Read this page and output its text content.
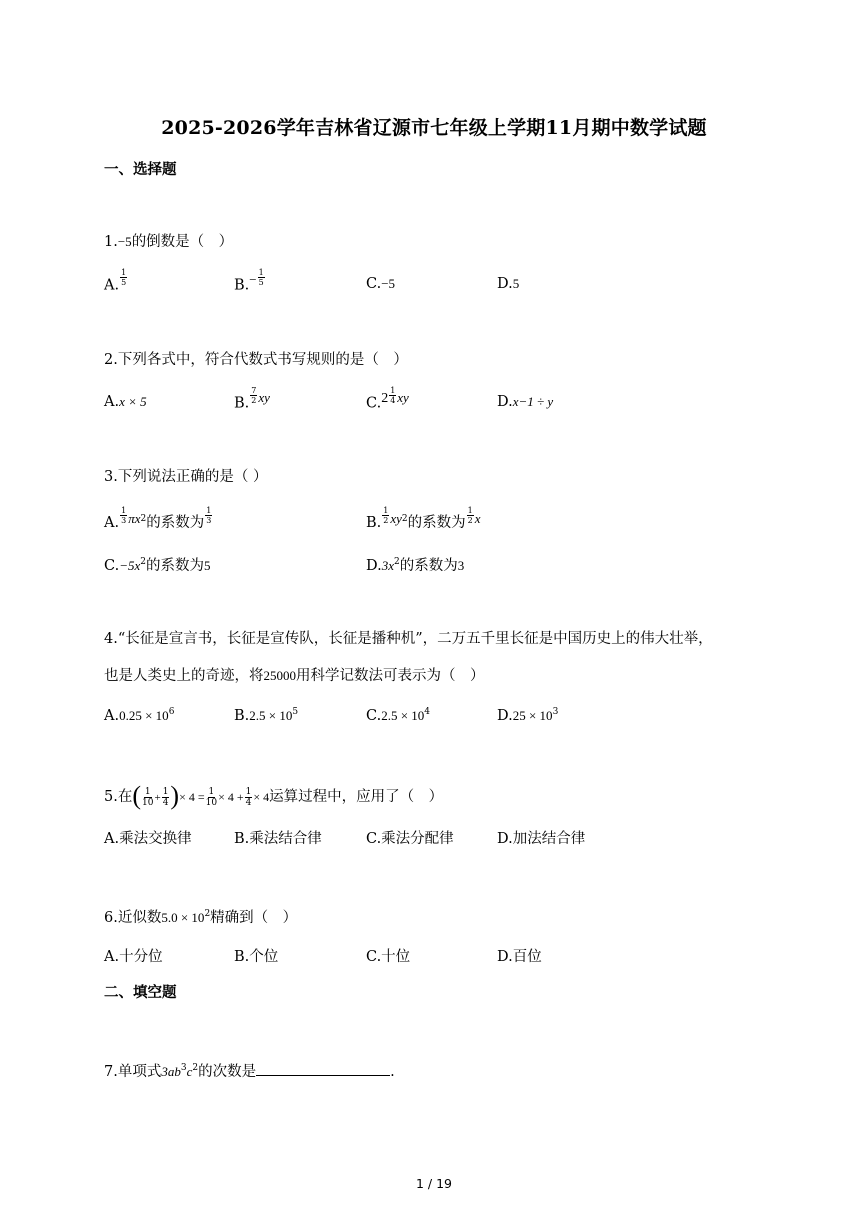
2025-2026学年吉林省辽源市七年级上学期11月期中数学试题
一、选择题
1.−5的倒数是（　）
A. $\frac{1}{5}$	$B.- \frac{1}{5}$	C.−5	D.5
2.下列各式中，符合代数式书写规则的是（　）
A.x × 5	B. $\frac{7}{2}$ xy	$C.2 \frac{1}{4}$ xy	D.x−1 ÷ y
3.下列说法正确的是（ ）
A. $\frac{1}{3} \pi x^2$的系数为 $\frac{1}{3}$	B. $\frac{1}{2} xy^2$的系数为 $\frac{1}{2}$ x
$C.-5x^2$的系数为5	$D.3x^2$的系数为3
4.“长征是宣言书，长征是宣传队，长征是播种机”，二万五千里长征是中国历史上的伟大壮举，
也是人类史上的奇迹，将25000用科学记数法可表示为（　）
$A.0.25 \times 10^6$	$B.2.5 \times 10^5$	$C.2.5 \times 10^4$	$D.25 \times 10^3$
5.在( $\frac{1}{10} + \frac{1}{4}$ )× $4 = \frac{1}{10} \times 4 + \frac{1}{4} \times 4$运算过程中，应用了（　）
A.乘法交换律	B.乘法结合律	C.乘法分配律	D.加法结合律
6.近似数$5.0 \times 10^2$精确到（　）
A.十分位	B.个位	C.十位	D.百位
二、填空题
7.单项式$3ab^3c^2$的次数是	.
1 / 19
